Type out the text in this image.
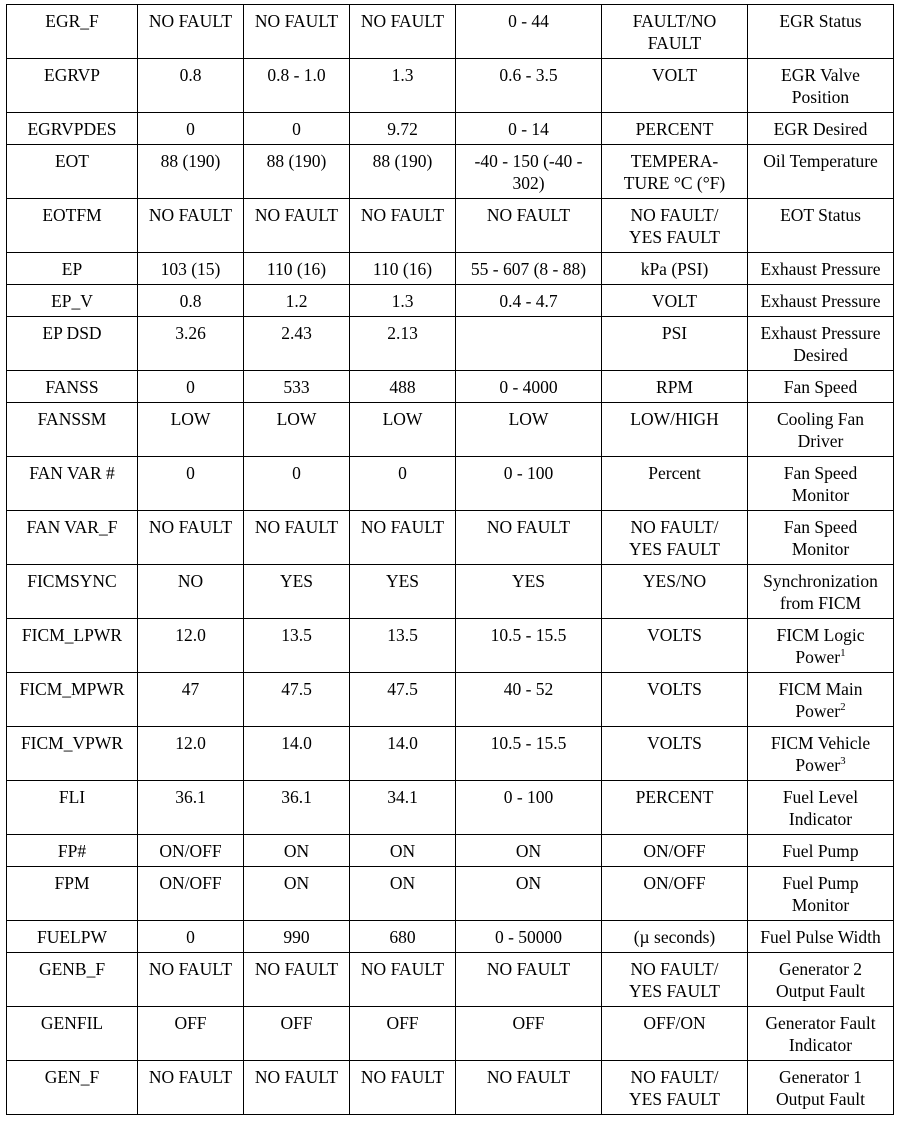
EGR_F	NO FAULT	NO FAULT	NO FAULT	0 - 44	FAULT/NO
FAULT	EGR Status
EGRVP	0.8	0.8 - 1.0	1.3	0.6 - 3.5	VOLT	EGR Valve
Position
EGRVPDES	0	0	9.72	0 - 14	PERCENT	EGR Desired
EOT	88 (190)	88 (190)	88 (190)	-40 - 150 (-40 -
302)	TEMPERA-
TURE °C (°F)	Oil Temperature
EOTFM	NO FAULT	NO FAULT	NO FAULT	NO FAULT	NO FAULT/
YES FAULT	EOT Status
EP	103 (15)	110 (16)	110 (16)	55 - 607 (8 - 88)	kPa (PSI)	Exhaust Pressure
EP_V	0.8	1.2	1.3	0.4 - 4.7	VOLT	Exhaust Pressure
EP DSD	3.26	2.43	2.13		PSI	Exhaust Pressure
Desired
FANSS	0	533	488	0 - 4000	RPM	Fan Speed
FANSSM	LOW	LOW	LOW	LOW	LOW/HIGH	Cooling Fan
Driver
FAN VAR #	0	0	0	0 - 100	Percent	Fan Speed
Monitor
FAN VAR_F	NO FAULT	NO FAULT	NO FAULT	NO FAULT	NO FAULT/
YES FAULT	Fan Speed
Monitor
FICMSYNC	NO	YES	YES	YES	YES/NO	Synchronization
from FICM
FICM_LPWR	12.0	13.5	13.5	10.5 - 15.5	VOLTS	FICM Logic
Power$^1$
FICM_MPWR	47	47.5	47.5	40 - 52	VOLTS	FICM Main
Power$^2$
FICM_VPWR	12.0	14.0	14.0	10.5 - 15.5	VOLTS	FICM Vehicle
Power$^3$
FLI	36.1	36.1	34.1	0 - 100	PERCENT	Fuel Level
Indicator
FP#	ON/OFF	ON	ON	ON	ON/OFF	Fuel Pump
FPM	ON/OFF	ON	ON	ON	ON/OFF	Fuel Pump
Monitor
FUELPW	0	990	680	0 - 50000	(µ seconds)	Fuel Pulse Width
GENB_F	NO FAULT	NO FAULT	NO FAULT	NO FAULT	NO FAULT/
YES FAULT	Generator 2
Output Fault
GENFIL	OFF	OFF	OFF	OFF	OFF/ON	Generator Fault
Indicator
GEN_F	NO FAULT	NO FAULT	NO FAULT	NO FAULT	NO FAULT/
YES FAULT	Generator 1
Output Fault
